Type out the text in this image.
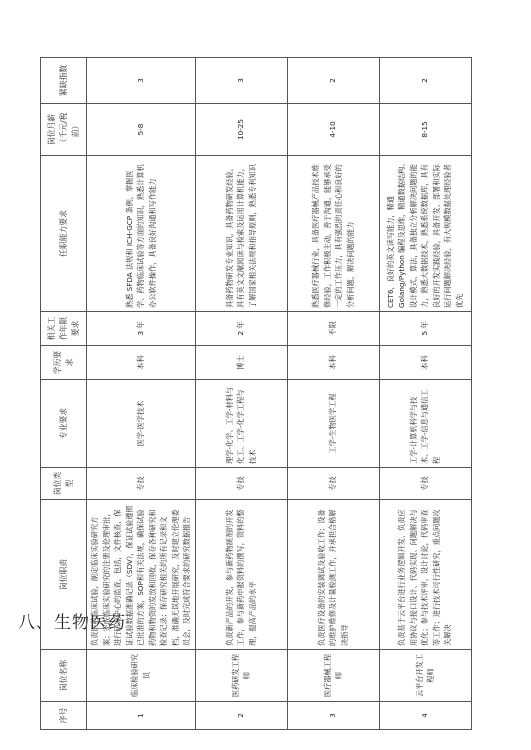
八、生物医药
序号	岗位名称	岗位职责	岗位类型	专业要求	学历要求	相关工作年限要求	任职能力要求	岗位月薪（千元/税前）	紧缺指数
1	临床检验研究员	负责医药临床试验，制定临床实验研究方案；完成临床实验研究的注册及伦理审批，进行研究中心的监查，包括，文件核查，保证试验数据准确记录（SDV），保证试验遵照已批准的方案，SOP和有关法规，确保试验药物和物资的发放和回收，保存各种研究和检查记录；保存研究相关的所有记录和文档，准确无误地开展研究，及时建立伦理委员会，及时完成符合要求的研究数据报告	专技	医学-医学技术	本科	3 年	熟悉 SFDA 法规和 ICH-GCP 条例，掌握医学、药物临床试验等方面的知识，熟悉计算机办公软件操作，具备良好沟通和写作能力	5-8	3
2	医药研发工程师	负责新产品的开发，参与新药物制剂的开发工作，参与新药申报资料的撰写，资料的整理，提高产品的水平	专技	理学-化学、工学-材料与化工、工学-化学工程与技术	博士	2 年	具备药物研发专业知识，具备药物研发经验，具有英文文献阅读与检索及运用计算机能力，了解国家相关法规和指导原则，熟悉专利知识	10-25	3
3	医疗器械工程师	负责医疗设备的安装调试及验收工作；设备的维护维修及计量检测工作，并承担合格解决指导	专技	工学-生物医学工程	本科	不限	熟悉医疗器械行业，具备医疗器械产品技术维修经验，工作积极主动，善于沟通，能够承受一定的工作压力，具有强烈的责任心和良好的分析问题、解决问题的能力	4-10	2
4	云平台开发工程师	负责基于云平台进行业务逻辑开发、负责应用协议与接口设计、代码实现、问题解决与优化；参与技术评审，设计讨论，代码审查等工作；进行技术可行性研究，重点问题攻关解决	专技	工学-计算机科学与技术、工学-信息与通信工程	本科	5 年	CET6，良好的英文读写能力，精通 Golang/Python 编程及思维，精通数据结构、设计模式、算法，具备独立分析解决问题的能力，熟悉大数据技术，熟悉系统数据库，具有良好的开发实践经验，具备开发、部署和实际运行问题解决经验，有大规模数据处理经验者优先	8-15	2
